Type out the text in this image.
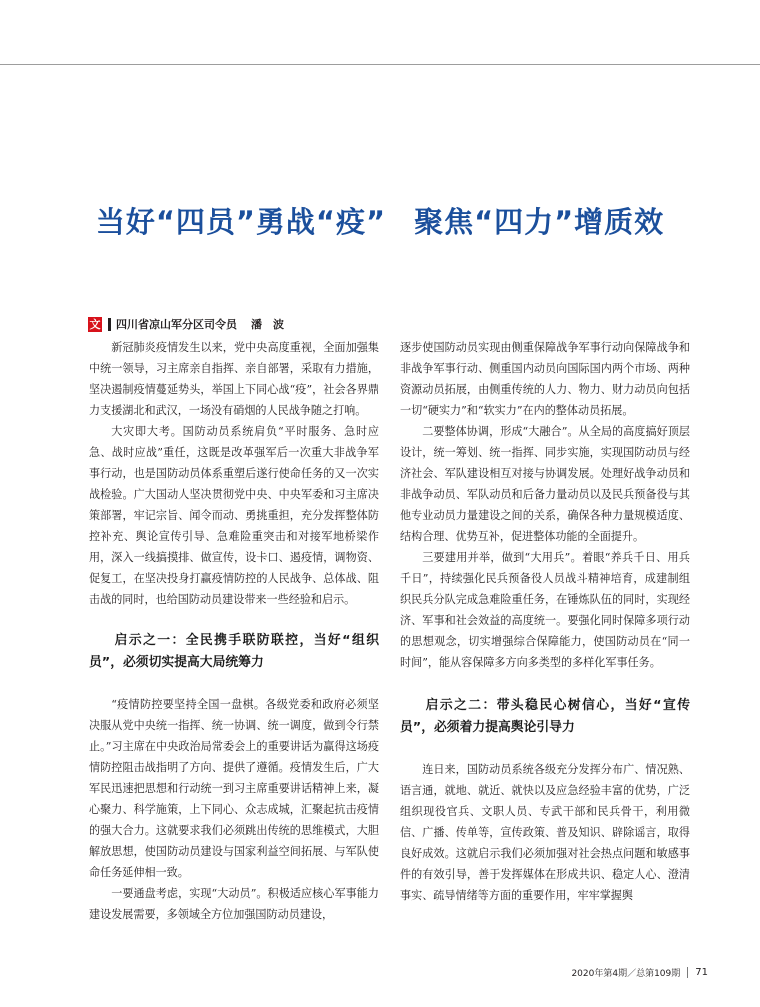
当好“四员”勇战“疫” 聚焦“四力”增质效
文 四川省凉山军分区司令员 潘　波

新冠肺炎疫情发生以来，党中央高度重视，全面加强集中统一领导，习主席亲自指挥、亲自部署，采取有力措施，坚决遏制疫情蔓延势头，举国上下同心战“疫”，社会各界鼎力支援湖北和武汉，一场没有硝烟的人民战争随之打响。

大灾即大考。国防动员系统肩负“平时服务、急时应急、战时应战”重任，这既是改革强军后一次重大非战争军事行动，也是国防动员体系重塑后遂行使命任务的又一次实战检验。广大国动人坚决贯彻党中央、中央军委和习主席决策部署，牢记宗旨、闻令而动、勇挑重担，充分发挥整体防控补充、舆论宣传引导、急难险重突击和对接军地桥梁作用，深入一线搞摸排、做宣传，设卡口、遏疫情，调物资、促复工，在坚决投身打赢疫情防控的人民战争、总体战、阻击战的同时，也给国防动员建设带来一些经验和启示。

启示之一：全民携手联防联控，当好“组织员”，必须切实提高大局统筹力

“疫情防控要坚持全国一盘棋。各级党委和政府必须坚决服从党中央统一指挥、统一协调、统一调度，做到令行禁止。”习主席在中央政治局常委会上的重要讲话为赢得这场疫情防控阻击战指明了方向、提供了遵循。疫情发生后，广大军民迅速把思想和行动统一到习主席重要讲话精神上来，凝心聚力、科学施策，上下同心、众志成城，汇聚起抗击疫情的强大合力。这就要求我们必须跳出传统的思维模式，大胆解放思想，使国防动员建设与国家利益空间拓展、与军队使命任务延伸相一致。

一要通盘考虑，实现“大动员”。积极适应核心军事能力建设发展需要，多领域全方位加强国防动员建设，

逐步使国防动员实现由侧重保障战争军事行动向保障战争和非战争军事行动、侧重国内动员向国际国内两个市场、两种资源动员拓展，由侧重传统的人力、物力、财力动员向包括一切“硬实力”和“软实力”在内的整体动员拓展。

二要整体协调，形成“大融合”。从全局的高度搞好顶层设计，统一筹划、统一指挥、同步实施，实现国防动员与经济社会、军队建设相互对接与协调发展。处理好战争动员和非战争动员、军队动员和后备力量动员以及民兵预备役与其他专业动员力量建设之间的关系，确保各种力量规模适度、结构合理、优势互补，促进整体功能的全面提升。

三要建用并举，做到“大用兵”。着眼“养兵千日、用兵千日”，持续强化民兵预备役人员战斗精神培育，成建制组织民兵分队完成急难险重任务，在锤炼队伍的同时，实现经济、军事和社会效益的高度统一。要强化同时保障多项行动的思想观念，切实增强综合保障能力，使国防动员在“同一时间”，能从容保障多方向多类型的多样化军事任务。

启示之二：带头稳民心树信心，当好“宣传员”，必须着力提高舆论引导力

连日来，国防动员系统各级充分发挥分布广、情况熟、语言通，就地、就近、就快以及应急经验丰富的优势，广泛组织现役官兵、文职人员、专武干部和民兵骨干，利用微信、广播、传单等，宣传政策、普及知识、辟除谣言，取得良好成效。这就启示我们必须加强对社会热点问题和敏感事件的有效引导，善于发挥媒体在形成共识、稳定人心、澄清事实、疏导情绪等方面的重要作用，牢牢掌握舆

2020年第4期／总第109期 71
